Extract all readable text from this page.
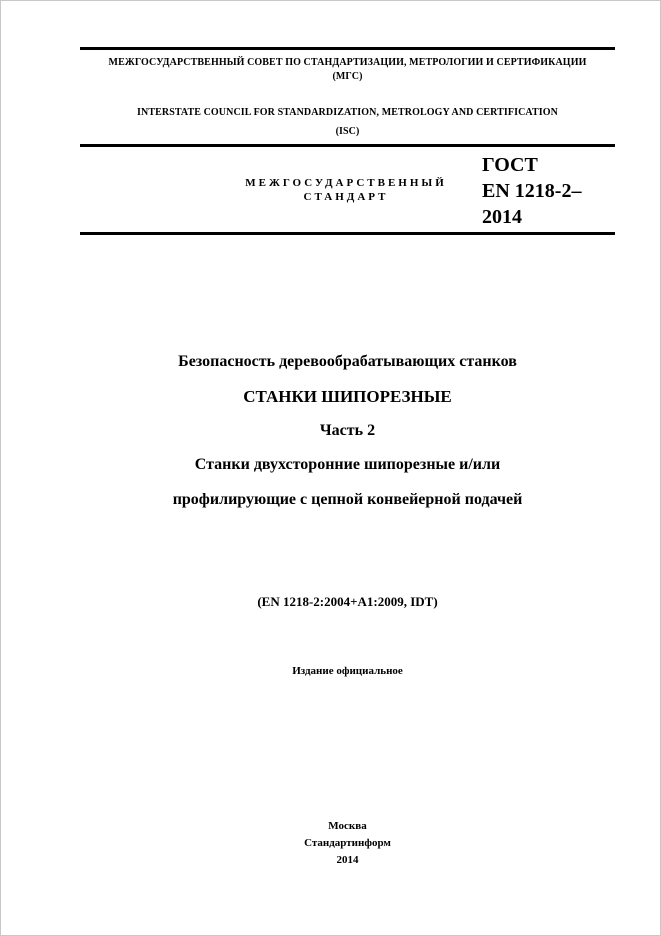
МЕЖГОСУДАРСТВЕННЫЙ СОВЕТ ПО СТАНДАРТИЗАЦИИ, МЕТРОЛОГИИ И СЕРТИФИКАЦИИ
(МГС)
INTERSTATE COUNCIL FOR STANDARDIZATION, METROLOGY AND CERTIFICATION
(ISC)
МЕЖГОСУДАРСТВЕННЫЙ
СТАНДАРТ
ГОСТ
EN 1218-2–
2014
Безопасность деревообрабатывающих станков
СТАНКИ ШИПОРЕЗНЫЕ
Часть 2
Станки двухсторонние шипорезные и/или
профилирующие с цепной конвейерной подачей
(EN 1218-2:2004+A1:2009, IDT)
Издание официальное
Москва
Стандартинформ
2014
